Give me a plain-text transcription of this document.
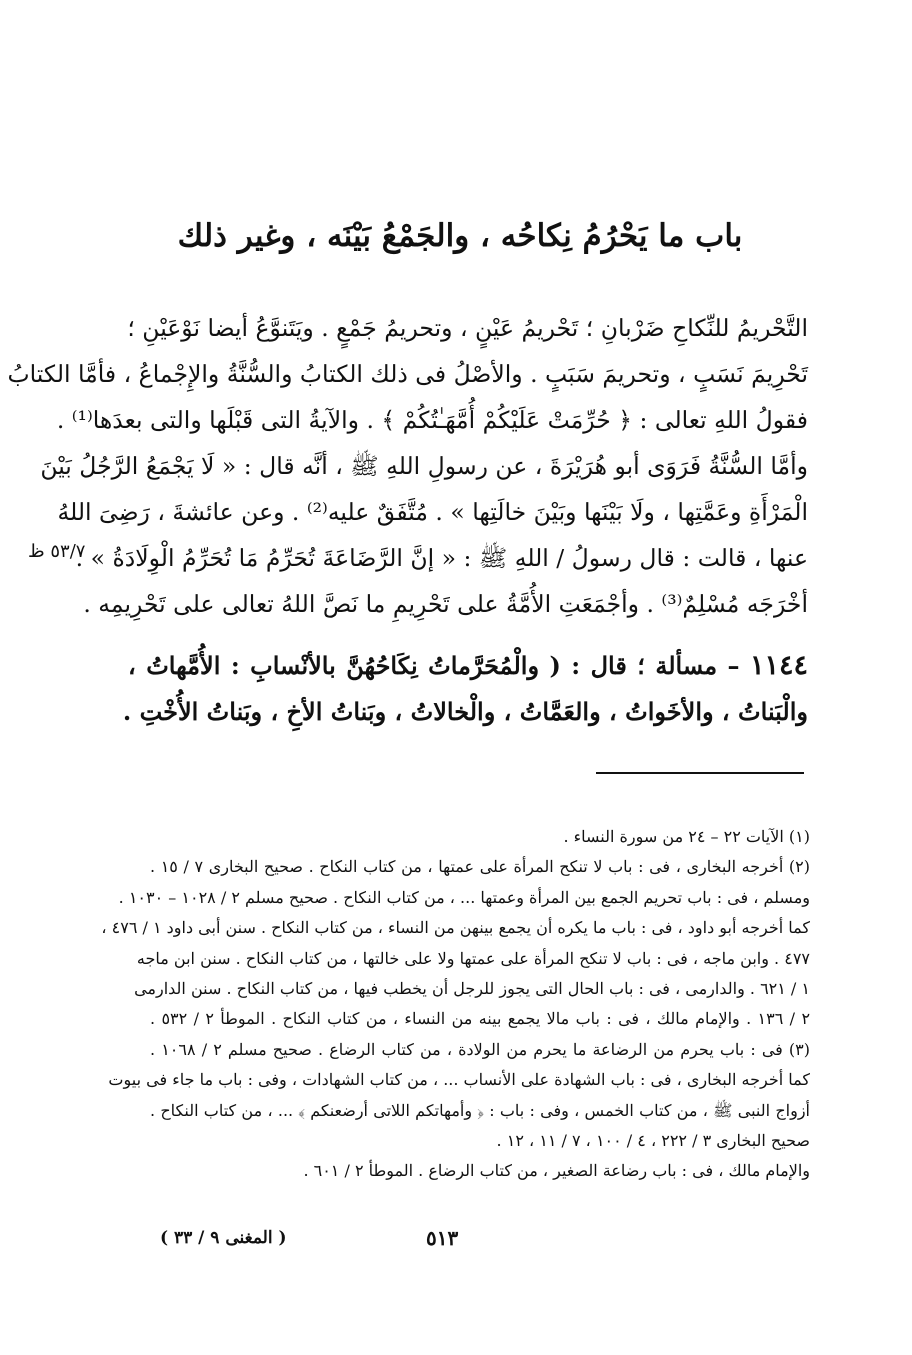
باب ما يَحْرُمُ نِكاحُه ، والجَمْعُ بَيْنَه ، وغير ذلك
التَّحْريمُ للنِّكاحِ ضَرْبانِ ؛ تَحْريمُ عَيْنٍ ، وتحريمُ جَمْعٍ . ويَتَنوَّعُ أيضا نَوْعَيْنِ ؛
تَحْرِيمَ نَسَبٍ ، وتحريمَ سَبَبٍ . والأصْلُ فى ذلك الكتابُ والسُّنَّةُ والإِجْماعُ ، فأمَّا الكتابُ
فقولُ اللهِ تعالى : ﴿ حُرِّمَتْ عَلَيْكُمْ أُمَّهَـٰتُكُمْ ﴾ . والآيةُ التى قَبْلَها والتى بعدَها⁽¹⁾ .
وأمَّا السُّنَّةُ فَرَوَى أبو هُرَيْرَةَ ، عن رسولِ اللهِ ﷺ ، أنَّه قال : « لَا يَجْمَعُ الرَّجُلُ بَيْنَ
الْمَرْأَةِ وعَمَّتِها ، ولَا بَيْنَها وبَيْنَ خالَتِها » . مُتَّفَقٌ عليه⁽²⁾ . وعن عائشةَ ، رَضِىَ اللهُ
عنها ، قالت : قال رسولُ / اللهِ ﷺ : « إنَّ الرَّضَاعَةَ تُحَرِّمُ مَا تُحَرِّمُ الْوِلَادَةُ » .
أخْرَجَه مُسْلِمٌ⁽³⁾ . وأجْمَعَتِ الأُمَّةُ على تَحْرِيمِ ما نَصَّ اللهُ تعالى على تَحْرِيمِه .
٥٣/٧ ظ
١١٤٤ – مسألة ؛ قال : ( والْمُحَرَّماتُ نِكَاحُهُنَّ بالأنْسابِ : الأُمَّهاتُ ،
والْبَناتُ ، والأخَواتُ ، والعَمَّاتُ ، والْخالاتُ ، وبَناتُ الأخِ ، وبَناتُ الأُخْتِ .
(١) الآيات ٢٢ – ٢٤ من سورة النساء .
(٢) أخرجه البخارى ، فى : باب لا تنكح المرأة على عمتها ، من كتاب النكاح . صحيح البخارى ٧ / ١٥ .
ومسلم ، فى : باب تحريم الجمع بين المرأة وعمتها ... ، من كتاب النكاح . صحيح مسلم ٢ / ١٠٢٨ – ١٠٣٠ .
كما أخرجه أبو داود ، فى : باب ما يكره أن يجمع بينهن من النساء ، من كتاب النكاح . سنن أبى داود ١ / ٤٧٦ ،
٤٧٧ . وابن ماجه ، فى : باب لا تنكح المرأة على عمتها ولا على خالتها ، من كتاب النكاح . سنن ابن ماجه
١ / ٦٢١ . والدارمى ، فى : باب الحال التى يجوز للرجل أن يخطب فيها ، من كتاب النكاح . سنن الدارمى
٢ / ١٣٦ . والإمام مالك ، فى : باب مالا يجمع بينه من النساء ، من كتاب النكاح . الموطأ ٢ / ٥٣٢ .
(٣) فى : باب يحرم من الرضاعة ما يحرم من الولادة ، من كتاب الرضاع . صحيح مسلم ٢ / ١٠٦٨ .
كما أخرجه البخارى ، فى : باب الشهادة على الأنساب ... ، من كتاب الشهادات ، وفى : باب ما جاء فى بيوت
أزواج النبى ﷺ ، من كتاب الخمس ، وفى : باب : ﴿ وأمهاتكم اللاتى أرضعنكم ﴾ ... ، من كتاب النكاح .
صحيح البخارى ٣ / ٢٢٢ ، ٤ / ١٠٠ ، ٧ / ١١ ، ١٢ .
والإمام مالك ، فى : باب رضاعة الصغير ، من كتاب الرضاع . الموطأ ٢ / ٦٠١ .
٥١٣
( المغنى ٩ / ٣٣ )
